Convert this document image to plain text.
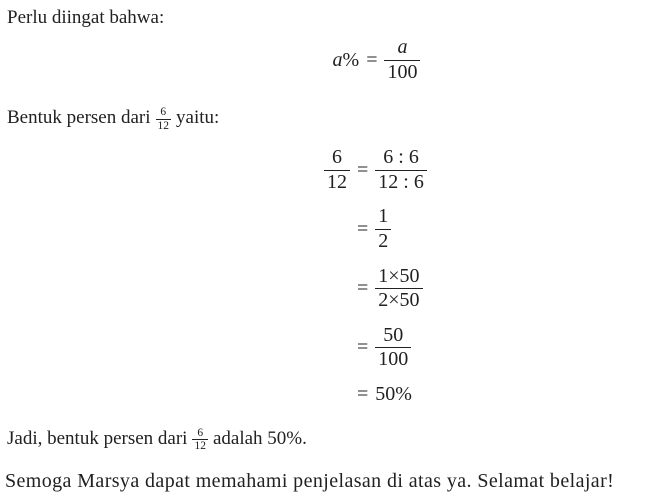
Perlu diingat bahwa:

$a\% = \frac{a}{100}$
Bentuk persen dari $\frac{6}{12}$ yaitu:
$\frac{6}{12} = \frac{6 : 6}{12 : 6}$
= $\frac{1}{2}$
= $\frac{1\times 50}{2\times 50}$
= $\frac{50}{100}$
= 50%
Jadi, bentuk persen dari $\frac{6}{12}$ adalah 50%.

Semoga Marsya dapat memahami penjelasan di atas ya. Selamat belajar!
